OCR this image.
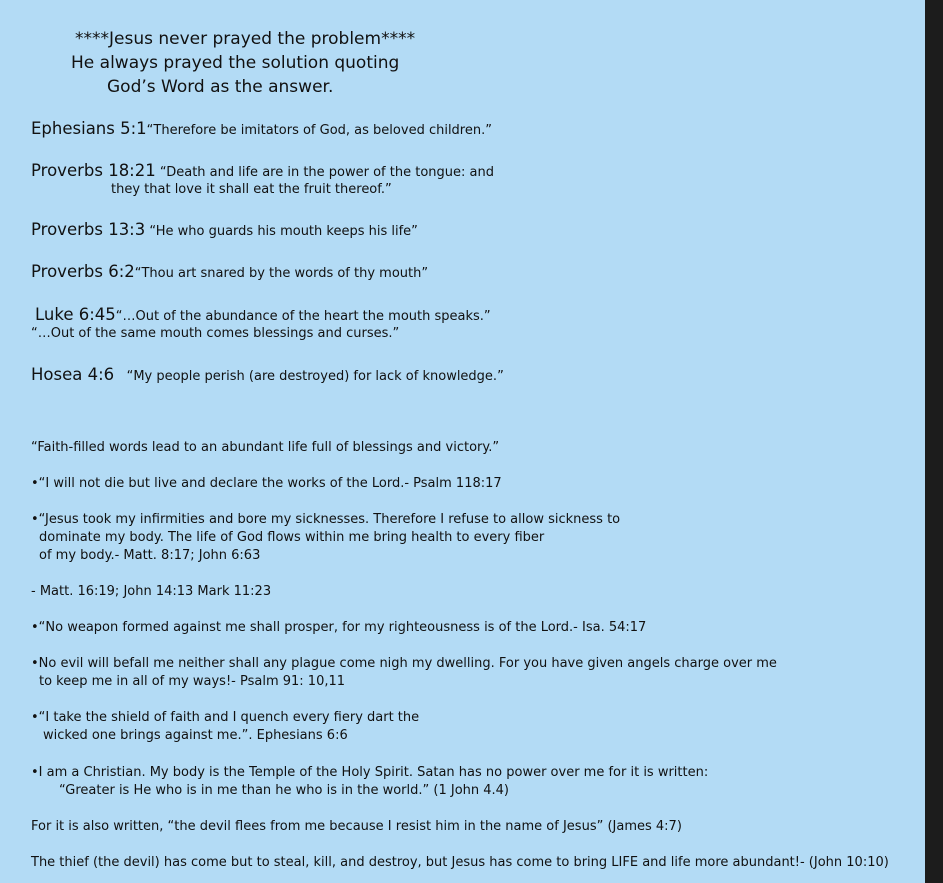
****Jesus never prayed the problem****
He always prayed the solution quoting
God’s Word as the answer.
Ephesians 5:1“Therefore be imitators of God, as beloved children.”
Proverbs 18:21 “Death and life are in the power of the tongue: and
they that love it shall eat the fruit thereof.”
Proverbs 13:3 “He who guards his mouth keeps his life”
Proverbs 6:2“Thou art snared by the words of thy mouth”
Luke 6:45“…Out of the abundance of the heart the mouth speaks.”
“…Out of the same mouth comes blessings and curses.”
Hosea 4:6 “My people perish (are destroyed) for lack of knowledge.”
“Faith-filled words lead to an abundant life full of blessings and victory.”
•“I will not die but live and declare the works of the Lord.- Psalm 118:17
•“Jesus took my infirmities and bore my sicknesses. Therefore I refuse to allow sickness to
dominate my body. The life of God flows within me bring health to every fiber
of my body.- Matt. 8:17; John 6:63
- Matt. 16:19; John 14:13 Mark 11:23
•“No weapon formed against me shall prosper, for my righteousness is of the Lord.- Isa. 54:17
•No evil will befall me neither shall any plague come nigh my dwelling. For you have given angels charge over me
to keep me in all of my ways!- Psalm 91: 10,11
•“I take the shield of faith and I quench every fiery dart the
wicked one brings against me.”. Ephesians 6:6
•I am a Christian. My body is the Temple of the Holy Spirit. Satan has no power over me for it is written:
“Greater is He who is in me than he who is in the world.” (1 John 4.4)
For it is also written, “the devil flees from me because I resist him in the name of Jesus” (James 4:7)
The thief (the devil) has come but to steal, kill, and destroy, but Jesus has come to bring LIFE and life more abundant!- (John 10:10)
